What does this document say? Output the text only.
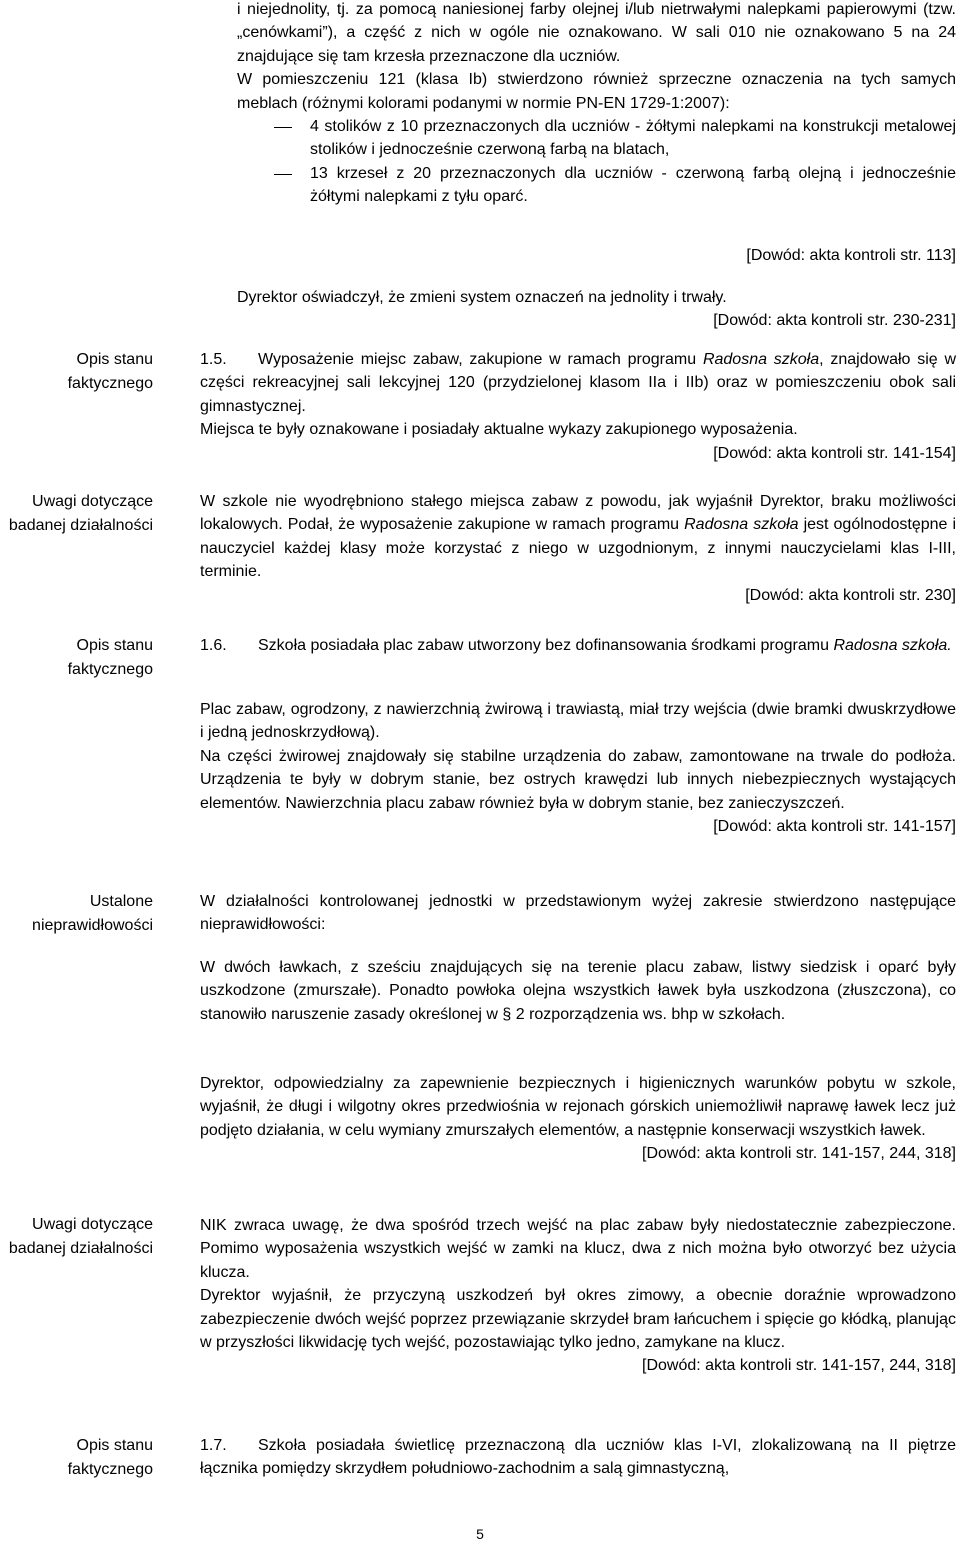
Opis stanu
faktycznego
Uwagi dotyczące
badanej działalności
Opis stanu
faktycznego
Ustalone
nieprawidłowości
Uwagi dotyczące
badanej działalności
Opis stanu
faktycznego

i niejednolity, tj. za pomocą naniesionej farby olejnej i/lub nietrwałymi nalepkami papierowymi (tzw. „cenówkami”), a część z nich w ogóle nie oznakowano. W sali 010 nie oznakowano 5 na 24 znajdujące się tam krzesła przeznaczone dla uczniów.

W pomieszczeniu 121 (klasa Ib) stwierdzono również sprzeczne oznaczenia na tych samych meblach (różnymi kolorami podanymi w normie PN-EN 1729-1:2007):

4 stolików z 10 przeznaczonych dla uczniów - żółtymi nalepkami na konstrukcji metalowej stolików i jednocześnie czerwoną farbą na blatach,

13 krzeseł z 20 przeznaczonych dla uczniów - czerwoną farbą olejną i jednocześnie żółtymi nalepkami z tyłu oparć.

[Dowód: akta kontroli str. 113]

Dyrektor oświadczył, że zmieni system oznaczeń na jednolity i trwały.

[Dowód: akta kontroli str. 230-231]

1.5. Wyposażenie miejsc zabaw, zakupione w ramach programu Radosna szkoła, znajdowało się w części rekreacyjnej sali lekcyjnej 120 (przydzielonej klasom IIa i IIb) oraz w pomieszczeniu obok sali gimnastycznej.

Miejsca te były oznakowane i posiadały aktualne wykazy zakupionego wyposażenia.

[Dowód: akta kontroli str. 141-154]

W szkole nie wyodrębniono stałego miejsca zabaw z powodu, jak wyjaśnił Dyrektor, braku możliwości lokalowych. Podał, że wyposażenie zakupione w ramach programu Radosna szkoła jest ogólnodostępne i nauczyciel każdej klasy może korzystać z niego w uzgodnionym, z innymi nauczycielami klas I-III, terminie.

[Dowód: akta kontroli str. 230]

1.6. Szkoła posiadała plac zabaw utworzony bez dofinansowania środkami programu Radosna szkoła.

Plac zabaw, ogrodzony, z nawierzchnią żwirową i trawiastą, miał trzy wejścia (dwie bramki dwuskrzydłowe i jedną jednoskrzydłową).

Na części żwirowej znajdowały się stabilne urządzenia do zabaw, zamontowane na trwale do podłoża. Urządzenia te były w dobrym stanie, bez ostrych krawędzi lub innych niebezpiecznych wystających elementów. Nawierzchnia placu zabaw również była w dobrym stanie, bez zanieczyszczeń.

[Dowód: akta kontroli str. 141-157]

W działalności kontrolowanej jednostki w przedstawionym wyżej zakresie stwierdzono następujące nieprawidłowości:

W dwóch ławkach, z sześciu znajdujących się na terenie placu zabaw, listwy siedzisk i oparć były uszkodzone (zmurszałe). Ponadto powłoka olejna wszystkich ławek była uszkodzona (złuszczona), co stanowiło naruszenie zasady określonej w § 2 rozporządzenia ws. bhp w szkołach.

Dyrektor, odpowiedzialny za zapewnienie bezpiecznych i higienicznych warunków pobytu w szkole, wyjaśnił, że długi i wilgotny okres przedwiośnia w rejonach górskich uniemożliwił naprawę ławek lecz już podjęto działania, w celu wymiany zmurszałych elementów, a następnie konserwacji wszystkich ławek.

[Dowód: akta kontroli str. 141-157, 244, 318]

NIK zwraca uwagę, że dwa spośród trzech wejść na plac zabaw były niedostatecznie zabezpieczone. Pomimo wyposażenia wszystkich wejść w zamki na klucz, dwa z nich można było otworzyć bez użycia klucza.

Dyrektor wyjaśnił, że przyczyną uszkodzeń był okres zimowy, a obecnie doraźnie wprowadzono zabezpieczenie dwóch wejść poprzez przewiązanie skrzydeł bram łańcuchem i spięcie go kłódką, planując w przyszłości likwidację tych wejść, pozostawiając tylko jedno, zamykane na klucz.

[Dowód: akta kontroli str. 141-157, 244, 318]

1.7. Szkoła posiadała świetlicę przeznaczoną dla uczniów klas I-VI, zlokalizowaną na II piętrze łącznika pomiędzy skrzydłem południowo-zachodnim a salą gimnastyczną,

5
